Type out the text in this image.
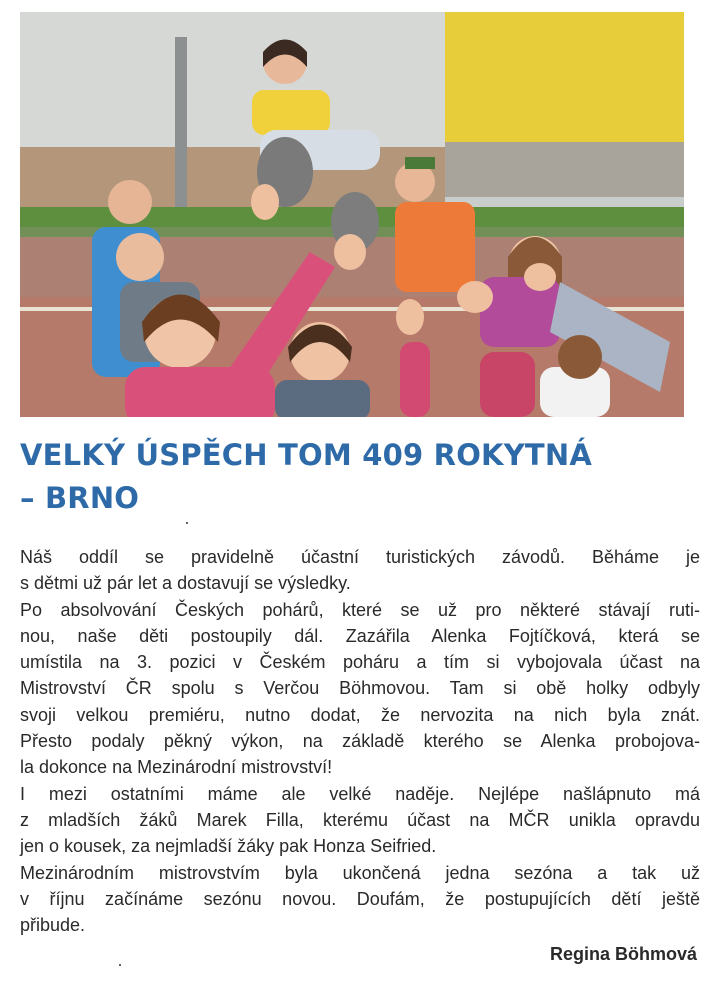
VELKÝ ÚSPĚCH TOM 409 ROKYTNÁ
– BRNO
Náš oddíl se pravidelně účastní turistických závodů. Běháme je
s dětmi už pár let a dostavují se výsledky.
Po absolvování Českých pohárů, které se už pro některé stávají ruti-
nou, naše děti postoupily dál. Zazářila Alenka Fojtíčková, která se
umístila na 3. pozici v Českém poháru a tím si vybojovala účast na
Mistrovství ČR spolu s Verčou Böhmovou. Tam si obě holky odbyly
svoji velkou premiéru, nutno dodat, že nervozita na nich byla znát.
Přesto podaly pěkný výkon, na základě kterého se Alenka probojova-
la dokonce na Mezinárodní mistrovství!
I mezi ostatními máme ale velké naděje. Nejlépe našlápnuto má
z mladších žáků Marek Filla, kterému účast na MČR unikla opravdu
jen o kousek, za nejmladší žáky pak Honza Seifried.
Mezinárodním mistrovstvím byla ukončená jedna sezóna a tak už
v říjnu začínáme sezónu novou. Doufám, že postupujících dětí ještě
přibude.
Regina Böhmová
